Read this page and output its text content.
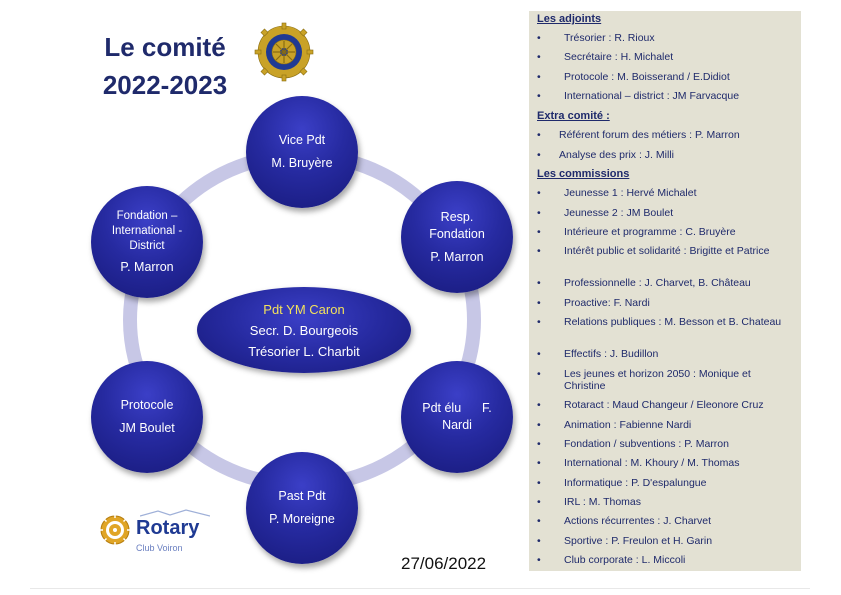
Le comité
2022-2023
Vice Pdt
M. Bruyère
Resp.
Fondation
P. Marron
Pdt élu      F.
Nardi
Past Pdt
P. Moreigne
Protocole
JM Boulet
Fondation –
International -
District
P. Marron
Pdt YM Caron
Secr. D. Bourgeois
Trésorier L. Charbit
Les adjoints
• Trésorier : R. Rioux
• Secrétaire : H. Michalet
• Protocole : M. Boisserand / E.Didiot
• International – district : JM Farvacque
Extra comité :
• Référent forum des métiers : P. Marron
• Analyse des prix : J. Milli
Les commissions
• Jeunesse 1 : Hervé Michalet
• Jeunesse 2 : JM Boulet
• Intérieure et programme : C. Bruyère
• Intérêt public et solidarité : Brigitte et Patrice
• Professionnelle : J. Charvet, B. Château
• Proactive: F. Nardi
• Relations publiques : M. Besson et B. Chateau
• Effectifs : J. Budillon
• Les jeunes et horizon 2050 : Monique et Christine
• Rotaract : Maud Changeur / Eleonore Cruz
• Animation : Fabienne Nardi
• Fondation / subventions : P. Marron
• International : M. Khoury / M. Thomas
• Informatique : P. D'espalungue
• IRL : M. Thomas
• Actions récurrentes : J. Charvet
• Sportive : P. Freulon et H. Garin
• Club corporate : L. Miccoli
Rotary
Club Voiron
27/06/2022
